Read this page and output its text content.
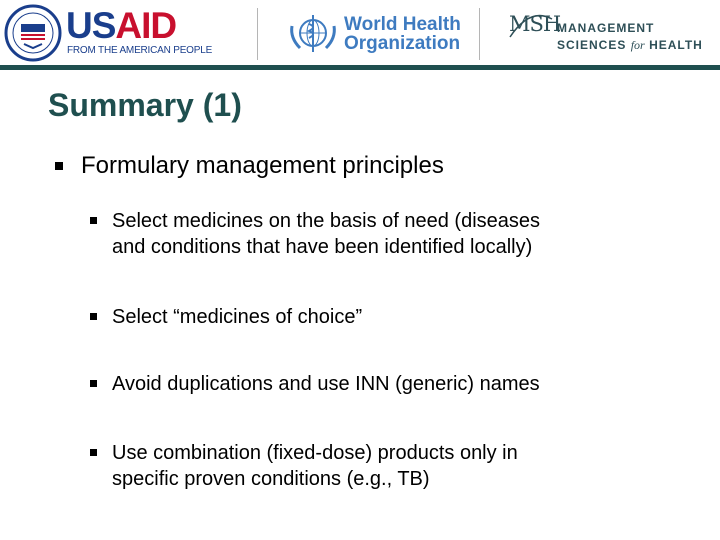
USAID
FROM THE AMERICAN PEOPLE
World Health
Organization
MSH
MANAGEMENT
SCIENCES for HEALTH
Summary (1)
Formulary management principles
Select medicines on the basis of need (diseases
and conditions that have been identified locally)
Select “medicines of choice”
Avoid duplications and use INN (generic) names
Use combination (fixed-dose) products only in
specific proven conditions (e.g., TB)
